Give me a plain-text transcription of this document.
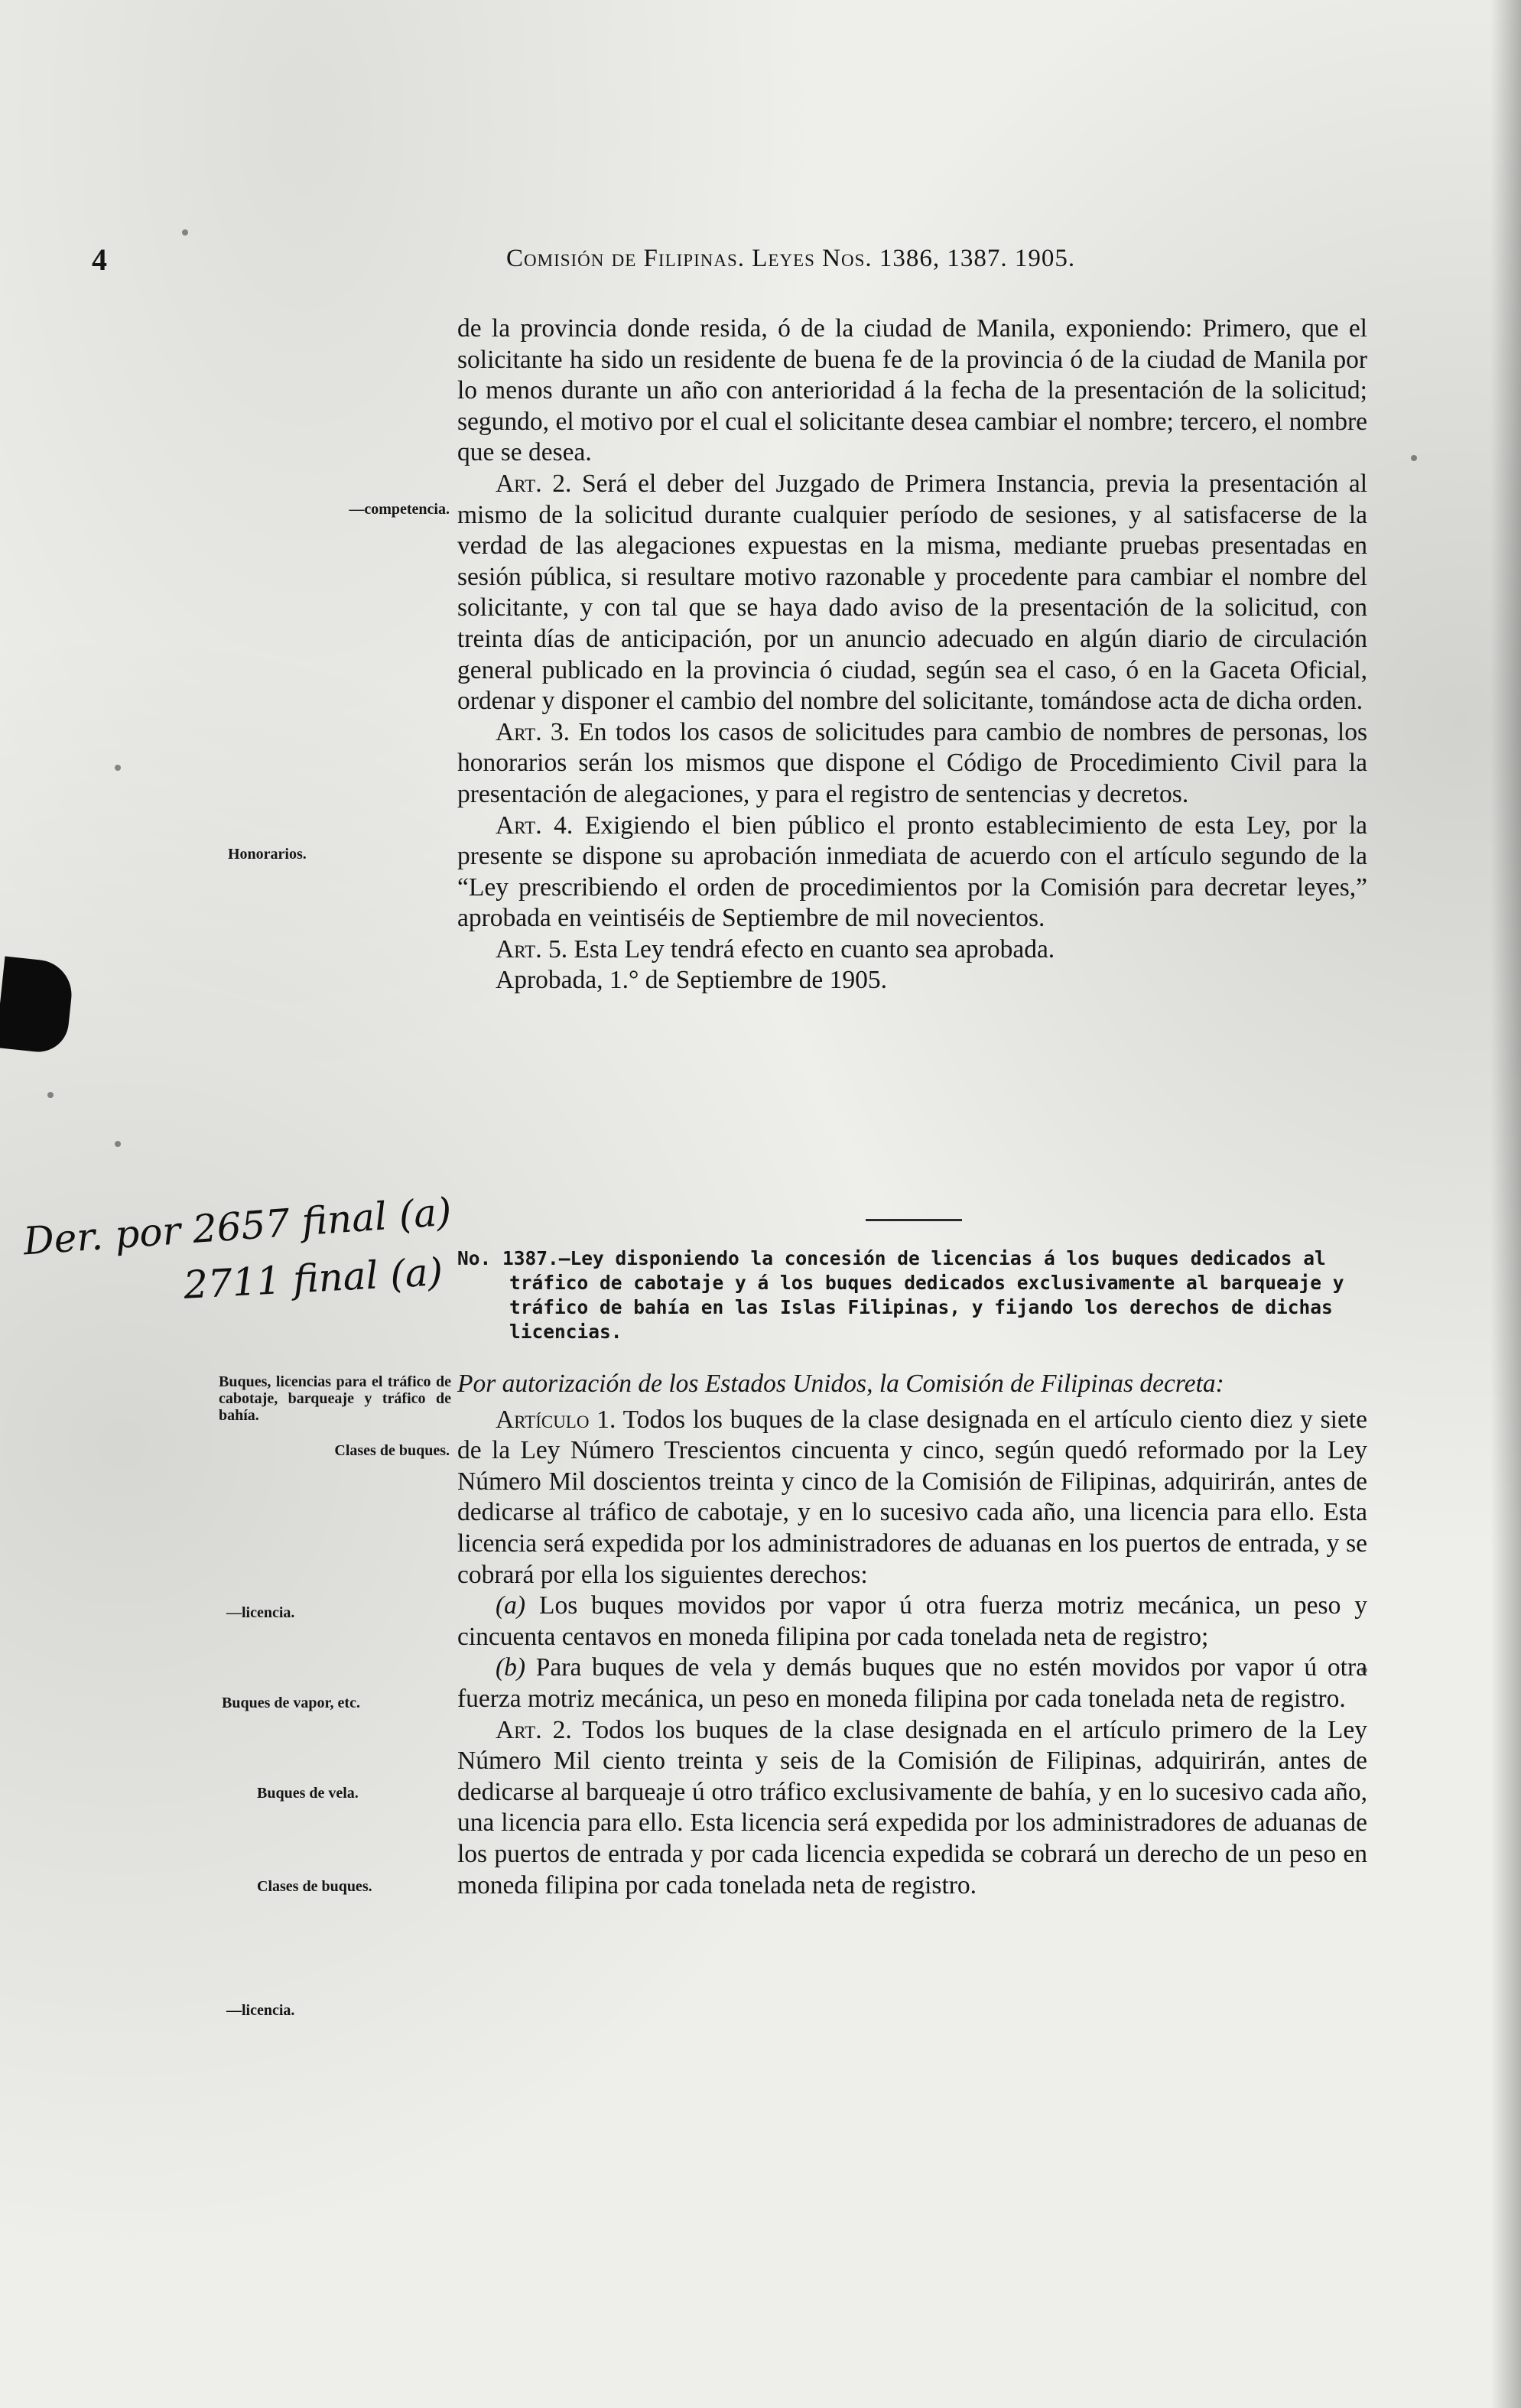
4	Comisión de Filipinas. Leyes Nos. 1386, 1387. 1905.
—competencia.
Honorarios.
Buques, licencias para el tráfico de cabotaje, barqueaje y tráfico de bahía.
Clases de buques.
—licencia.
Buques de vapor, etc.
Buques de vela.
Clases de buques.
—licencia.
Der. por 2657 final (a)
2711 final (a)

de la provincia donde resida, ó de la ciudad de Manila, exponiendo: Primero, que el solicitante ha sido un residente de buena fe de la provincia ó de la ciudad de Manila por lo menos durante un año con anterioridad á la fecha de la presentación de la solicitud; segundo, el motivo por el cual el solicitante desea cambiar el nombre; tercero, el nombre que se desea.

Art. 2. Será el deber del Juzgado de Primera Instancia, previa la presentación al mismo de la solicitud durante cualquier período de sesiones, y al satisfacerse de la verdad de las alegaciones expuestas en la misma, mediante pruebas presentadas en sesión pública, si resultare motivo razonable y procedente para cambiar el nombre del solicitante, y con tal que se haya dado aviso de la presentación de la solicitud, con treinta días de anticipación, por un anuncio adecuado en algún diario de circulación general publicado en la provincia ó ciudad, según sea el caso, ó en la Gaceta Oficial, ordenar y disponer el cambio del nombre del solicitante, tomándose acta de dicha orden.

Art. 3. En todos los casos de solicitudes para cambio de nombres de personas, los honorarios serán los mismos que dispone el Código de Procedimiento Civil para la presentación de alegaciones, y para el registro de sentencias y decretos.

Art. 4. Exigiendo el bien público el pronto establecimiento de esta Ley, por la presente se dispone su aprobación inmediata de acuerdo con el artículo segundo de la “Ley prescribiendo el orden de procedimientos por la Comisión para decretar leyes,” aprobada en veintiséis de Septiembre de mil novecientos.

Art. 5. Esta Ley tendrá efecto en cuanto sea aprobada.

Aprobada, 1.° de Septiembre de 1905.

No. 1387.—Ley disponiendo la concesión de licencias á los buques dedicados al tráfico de cabotaje y á los buques dedicados exclusivamente al barqueaje y tráfico de bahía en las Islas Filipinas, y fijando los derechos de dichas licencias.

Por autorización de los Estados Unidos, la Comisión de Filipinas decreta:

Artículo 1. Todos los buques de la clase designada en el artículo ciento diez y siete de la Ley Número Trescientos cincuenta y cinco, según quedó reformado por la Ley Número Mil doscientos treinta y cinco de la Comisión de Filipinas, adquirirán, antes de dedicarse al tráfico de cabotaje, y en lo sucesivo cada año, una licencia para ello. Esta licencia será expedida por los administradores de aduanas en los puertos de entrada, y se cobrará por ella los siguientes derechos:

(a) Los buques movidos por vapor ú otra fuerza motriz mecánica, un peso y cincuenta centavos en moneda filipina por cada tonelada neta de registro;

(b) Para buques de vela y demás buques que no estén movidos por vapor ú otra fuerza motriz mecánica, un peso en moneda filipina por cada tonelada neta de registro.

Art. 2. Todos los buques de la clase designada en el artículo primero de la Ley Número Mil ciento treinta y seis de la Comisión de Filipinas, adquirirán, antes de dedicarse al barqueaje ú otro tráfico exclusivamente de bahía, y en lo sucesivo cada año, una licencia para ello. Esta licencia será expedida por los administradores de aduanas de los puertos de entrada y por cada licencia expedida se cobrará un derecho de un peso en moneda filipina por cada tonelada neta de registro.
